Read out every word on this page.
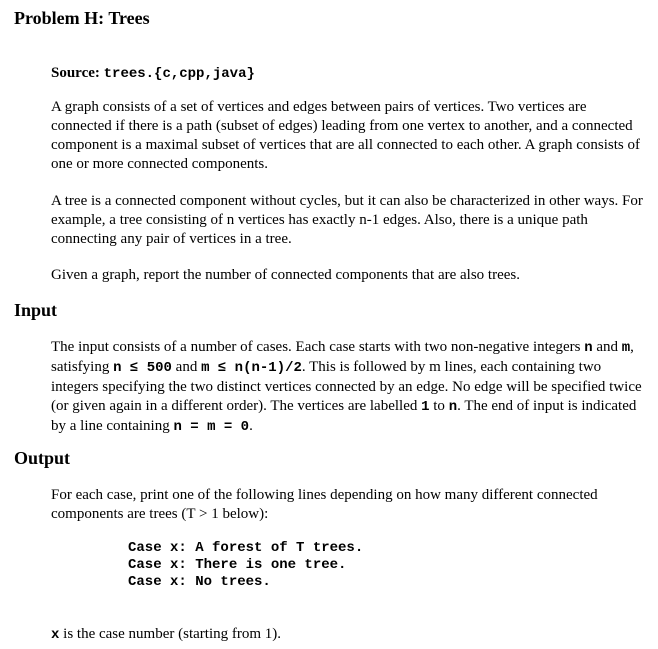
Problem H: Trees

Source: trees.{c,cpp,java}

A graph consists of a set of vertices and edges between pairs of vertices. Two vertices are connected if there is a path (subset of edges) leading from one vertex to another, and a connected component is a maximal subset of vertices that are all connected to each other. A graph consists of one or more connected components.

A tree is a connected component without cycles, but it can also be characterized in other ways. For example, a tree consisting of n vertices has exactly n-1 edges. Also, there is a unique path connecting any pair of vertices in a tree.

Given a graph, report the number of connected components that are also trees.

Input

The input consists of a number of cases. Each case starts with two non-negative integers n and m, satisfying n ≤ 500 and m ≤ n(n-1)/2. This is followed by m lines, each containing two integers specifying the two distinct vertices connected by an edge. No edge will be specified twice (or given again in a different order). The vertices are labelled 1 to n. The end of input is indicated by a line containing n = m = 0.

Output

For each case, print one of the following lines depending on how many different connected components are trees (T > 1 below):

Case x: A forest of T trees.
Case x: There is one tree.
Case x: No trees.

x is the case number (starting from 1).
